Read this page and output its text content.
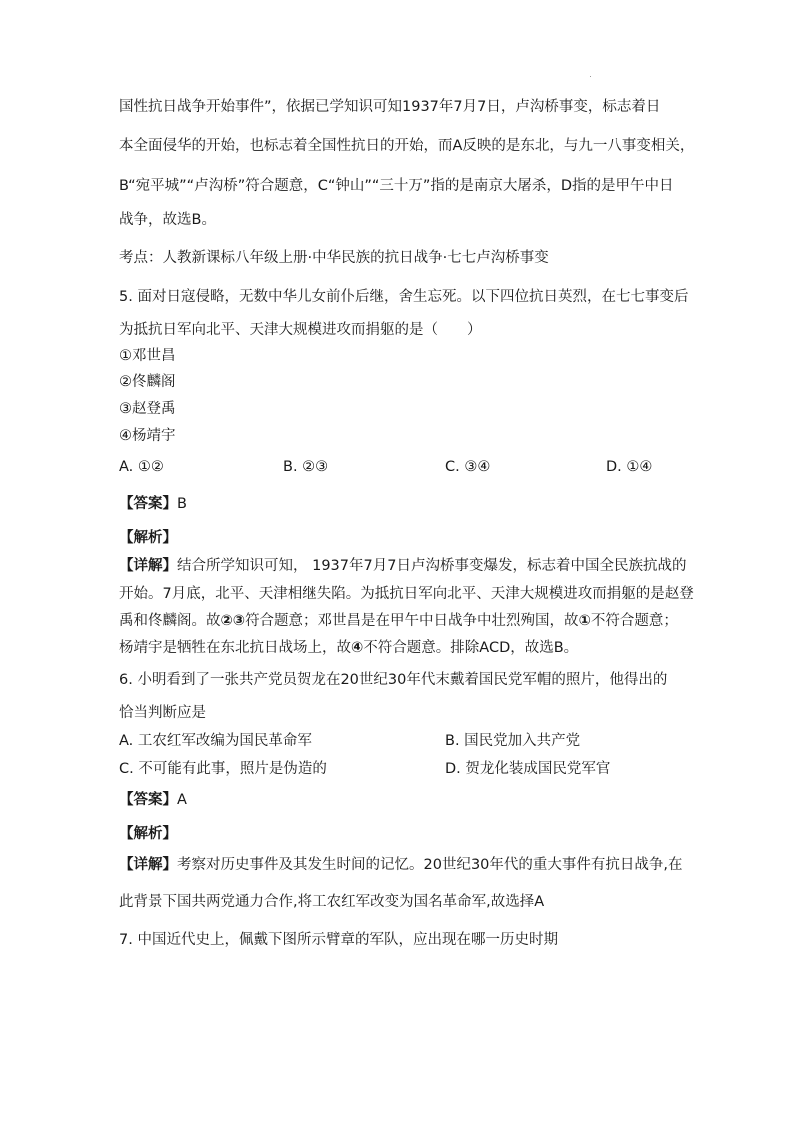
国性抗日战争开始事件”，依据已学知识可知1937年7月7日，卢沟桥事变，标志着日
本全面侵华的开始，也标志着全国性抗日的开始，而A反映的是东北，与九一八事变相关，
B“宛平城”“卢沟桥”符合题意，C“钟山”“三十万”指的是南京大屠杀，D指的是甲午中日
战争，故选B。
考点：人教新课标八年级上册·中华民族的抗日战争·七七卢沟桥事变
5. 面对日寇侵略，无数中华儿女前仆后继，舍生忘死。以下四位抗日英烈，在七七事变后
为抵抗日军向北平、天津大规模进攻而捐躯的是（　　）
①邓世昌
②佟麟阁
③赵登禹
④杨靖宇
A. ①②	B. ②③	C. ③④	D. ①④
【答案】B
【解析】
【详解】结合所学知识可知， 1937年7月7日卢沟桥事变爆发，标志着中国全民族抗战的
开始。7月底，北平、天津相继失陷。为抵抗日军向北平、天津大规模进攻而捐躯的是赵登
禹和佟麟阁。故②③符合题意；邓世昌是在甲午中日战争中壮烈殉国，故①不符合题意；
杨靖宇是牺牲在东北抗日战场上，故④不符合题意。排除ACD，故选B。
6. 小明看到了一张共产党员贺龙在20世纪30年代末戴着国民党军帽的照片，他得出的
恰当判断应是
A. 工农红军改编为国民革命军	B. 国民党加入共产党
C. 不可能有此事，照片是伪造的	D. 贺龙化装成国民党军官
【答案】A
【解析】
【详解】考察对历史事件及其发生时间的记忆。20世纪30年代的重大事件有抗日战争,在
此背景下国共两党通力合作,将工农红军改变为国名革命军,故选择A
7. 中国近代史上，佩戴下图所示臂章的军队，应出现在哪一历史时期
